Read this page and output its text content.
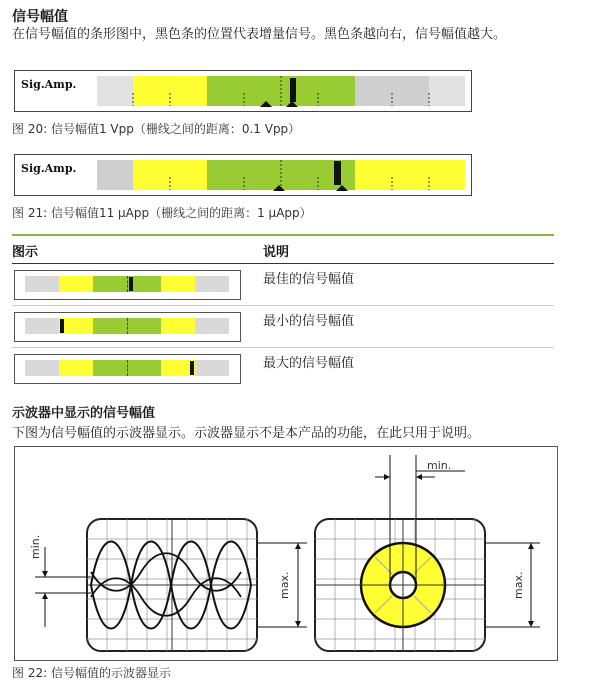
信号幅值
在信号幅值的条形图中，黑色条的位置代表增量信号。黑色条越向右，信号幅值越大。
Sig.Amp.
图 20: 信号幅值1 Vpp（栅线之间的距离：0.1 Vpp）
Sig.Amp.
图 21: 信号幅值11 µApp（栅线之间的距离：1 µApp）
图示	说明
最佳的信号幅值
最小的信号幅值
最大的信号幅值
示波器中显示的信号幅值
下图为信号幅值的示波器显示。示波器显示不是本产品的功能，在此只用于说明。
min.
max.
min.
max.
图 22: 信号幅值的示波器显示
